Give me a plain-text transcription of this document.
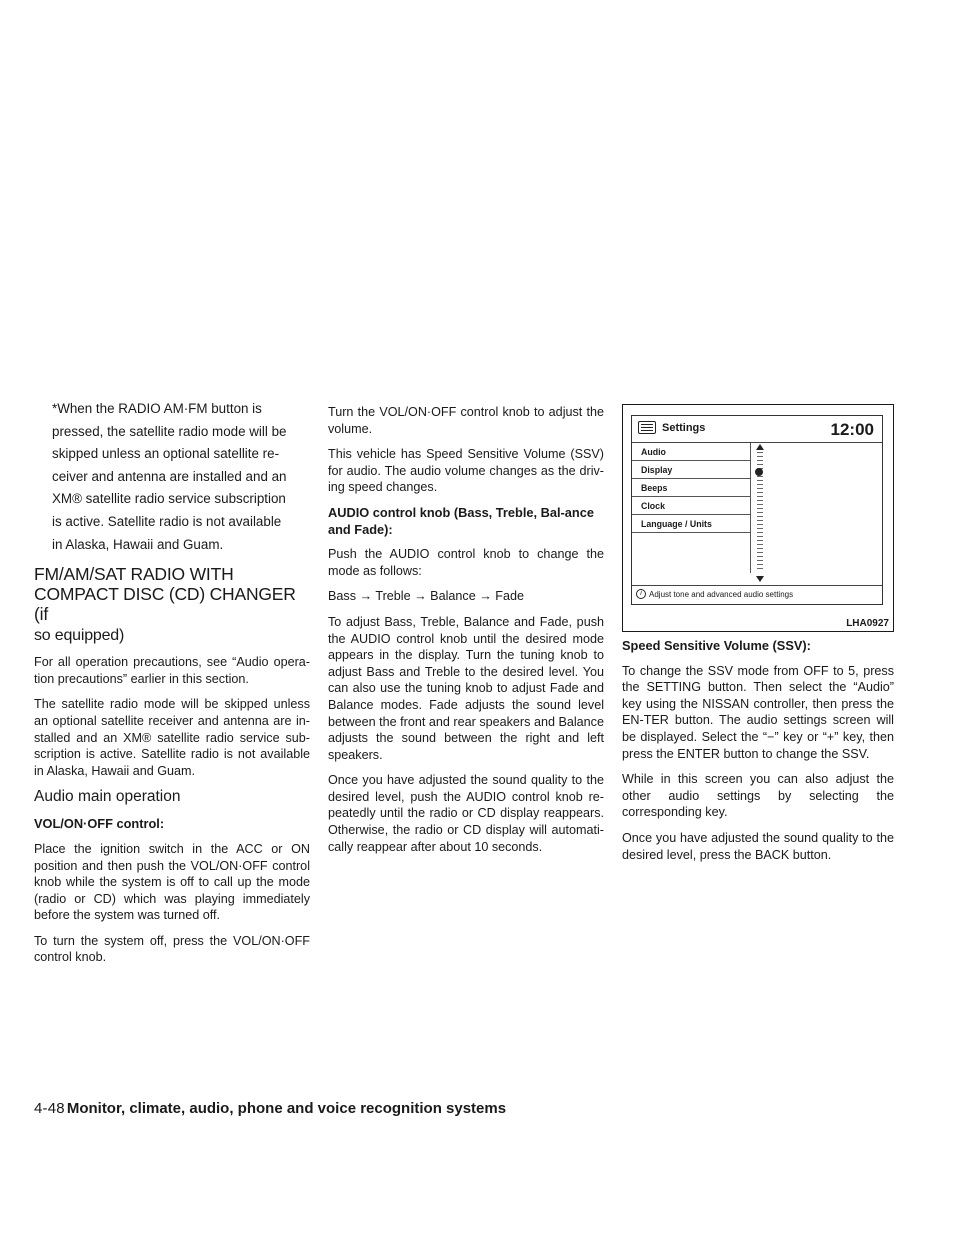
*When the RADIO AM·FM button is
pressed, the satellite radio mode will be
skipped unless an optional satellite re-
ceiver and antenna are installed and an
XM® satellite radio service subscription
is active. Satellite radio is not available
in Alaska, Hawaii and Guam.
FM/AM/SAT RADIO WITH
COMPACT DISC (CD) CHANGER (if
so equipped)

For all operation precautions, see “Audio opera-tion precautions” earlier in this section.

The satellite radio mode will be skipped unless an optional satellite receiver and antenna are in-stalled and an XM® satellite radio service sub-scription is active. Satellite radio is not available in Alaska, Hawaii and Guam.

Audio main operation
VOL/ON·OFF control:

Place the ignition switch in the ACC or ON position and then push the VOL/ON·OFF control knob while the system is off to call up the mode (radio or CD) which was playing immediately before the system was turned off.

To turn the system off, press the VOL/ON·OFF control knob.

Turn the VOL/ON·OFF control knob to adjust the volume.

This vehicle has Speed Sensitive Volume (SSV) for audio. The audio volume changes as the driv-ing speed changes.

AUDIO control knob (Bass, Treble, Bal-ance and Fade):

Push the AUDIO control knob to change the mode as follows:

Bass → Treble → Balance → Fade

To adjust Bass, Treble, Balance and Fade, push the AUDIO control knob until the desired mode appears in the display. Turn the tuning knob to adjust Bass and Treble to the desired level. You can also use the tuning knob to adjust Fade and Balance modes. Fade adjusts the sound level between the front and rear speakers and Balance adjusts the sound between the right and left speakers.

Once you have adjusted the sound quality to the desired level, push the AUDIO control knob re-peatedly until the radio or CD display reappears. Otherwise, the radio or CD display will automati-cally reappear after about 10 seconds.

Settings	12:00
Audio
Display
Beeps
Clock
Language / Units
i Adjust tone and advanced audio settings
LHA0927
Speed Sensitive Volume (SSV):

To change the SSV mode from OFF to 5, press the SETTING button. Then select the “Audio” key using the NISSAN controller, then press the EN-TER button. The audio settings screen will be displayed. Select the “−” key or “+” key, then press the ENTER button to change the SSV.

While in this screen you can also adjust the other audio settings by selecting the corresponding key.

Once you have adjusted the sound quality to the desired level, press the BACK button.

4-48 Monitor, climate, audio, phone and voice recognition systems
